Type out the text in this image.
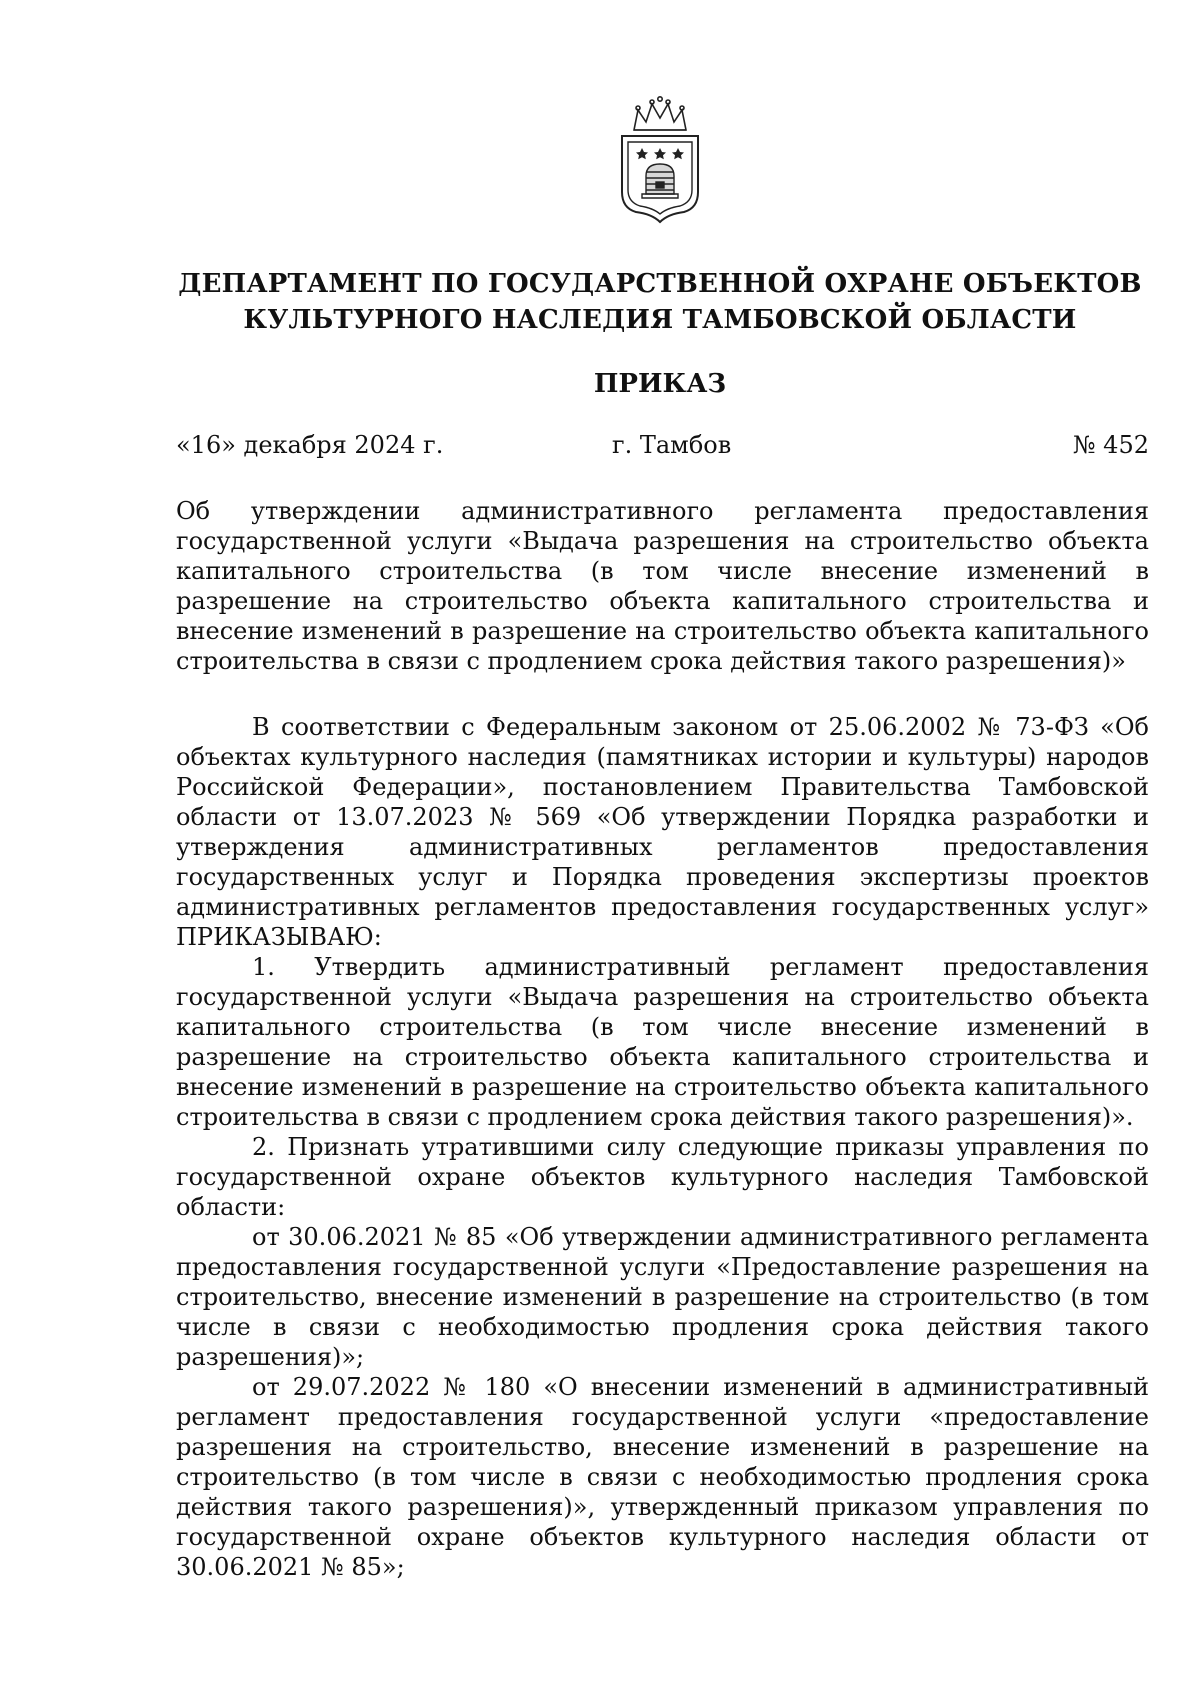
ДЕПАРТАМЕНТ ПО ГОСУДАРСТВЕННОЙ ОХРАНЕ ОБЪЕКТОВ
КУЛЬТУРНОГО НАСЛЕДИЯ ТАМБОВСКОЙ ОБЛАСТИ
ПРИКАЗ
«16» декабря 2024 г.	г. Тамбов	№ 452
Об утверждении административного регламента предоставления государственной услуги «Выдача разрешения на строительство объекта капитального строительства (в том числе внесение изменений в разрешение на строительство объекта капитального строительства и внесение изменений в разрешение на строительство объекта капитального строительства в связи с продлением срока действия такого разрешения)»

В соответствии с Федеральным законом от 25.06.2002 № 73-ФЗ «Об объектах культурного наследия (памятниках истории и культуры) народов Российской Федерации», постановлением Правительства Тамбовской области от 13.07.2023 № 569 «Об утверждении Порядка разработки и утверждения административных регламентов предоставления государственных услуг и Порядка проведения экспертизы проектов административных регламентов предоставления государственных услуг» ПРИКАЗЫВАЮ:

1. Утвердить административный регламент предоставления государственной услуги «Выдача разрешения на строительство объекта капитального строительства (в том числе внесение изменений в разрешение на строительство объекта капитального строительства и внесение изменений в разрешение на строительство объекта капитального строительства в связи с продлением срока действия такого разрешения)».

2. Признать утратившими силу следующие приказы управления по государственной охране объектов культурного наследия Тамбовской области:

от 30.06.2021 № 85 «Об утверждении административного регламента предоставления государственной услуги «Предоставление разрешения на строительство, внесение изменений в разрешение на строительство (в том числе в связи с необходимостью продления срока действия такого разрешения)»;

от 29.07.2022 № 180 «О внесении изменений в административный регламент предоставления государственной услуги «предоставление разрешения на строительство, внесение изменений в разрешение на строительство (в том числе в связи с необходимостью продления срока действия такого разрешения)», утвержденный приказом управления по государственной охране объектов культурного наследия области от 30.06.2021 № 85»;
